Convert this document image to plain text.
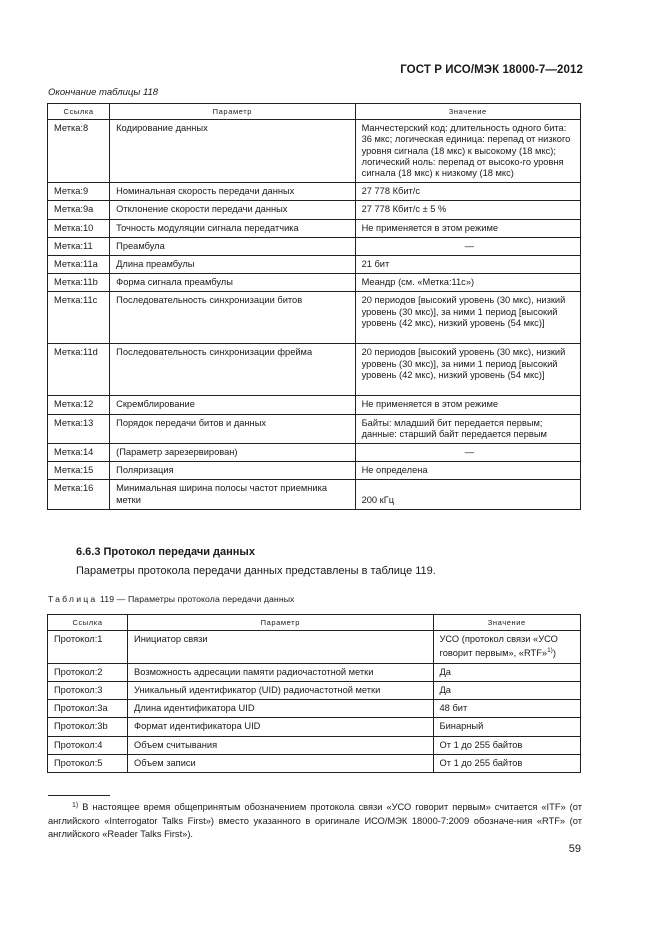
ГОСТ Р ИСО/МЭК 18000-7—2012
Окончание таблицы 118
Ссылка	Параметр	Значение
Метка:8	Кодирование данных	Манчестерский код: длительность одного бита: 36 мкс; логическая единица: перепад от низкого уровня сигнала (18 мкс) к высокому (18 мкс); логический ноль: перепад от высоко-го уровня сигнала (18 мкс) к низкому (18 мкс)
Метка:9	Номинальная скорость передачи данных	27 778 Кбит/с
Метка:9а	Отклонение скорости передачи данных	27 778 Кбит/с ± 5 %
Метка:10	Точность модуляции сигнала передатчика	Не применяется в этом режиме
Метка:11	Преамбула	—
Метка:11а	Длина преамбулы	21 бит
Метка:11b	Форма сигнала преамбулы	Меандр (см. «Метка:11с»)
Метка:11с	Последовательность синхронизации битов	20 периодов [высокий уровень (30 мкс), низкий уровень (30 мкс)], за ними 1 период [высокий уровень (42 мкс), низкий уровень (54 мкс)]
Метка:11d	Последовательность синхронизации фрейма	20 периодов [высокий уровень (30 мкс), низкий уровень (30 мкс)], за ними 1 период [высокий уровень (42 мкс), низкий уровень (54 мкс)]
Метка:12	Скремблирование	Не применяется в этом режиме
Метка:13	Порядок передачи битов и данных	Байты: младший бит передается первым; данные: старший байт передается первым
Метка:14	(Параметр зарезервирован)	—
Метка:15	Поляризация	Не определена
Метка:16	Минимальная ширина полосы частот приемника метки	200 кГц
6.6.3 Протокол передачи данных
Параметры протокола передачи данных представлены в таблице 119.
Таблица 119 — Параметры протокола передачи данных
Ссылка	Параметр	Значение
Протокол:1	Инициатор связи	УСО (протокол связи «УСО говорит первым», «RTF»$^{1)}$)
Протокол:2	Возможность адресации памяти радиочастотной метки	Да
Протокол:3	Уникальный идентификатор (UID) радиочастотной метки	Да
Протокол:3а	Длина идентификатора UID	48 бит
Протокол:3b	Формат идентификатора UID	Бинарный
Протокол:4	Объем считывания	От 1 до 255 байтов
Протокол:5	Объем записи	От 1 до 255 байтов
$^{1)}$ В настоящее время общепринятым обозначением протокола связи «УСО говорит первым» считается «ITF» (от английского «Interrogator Talks First») вместо указанного в оригинале ИСО/МЭК 18000-7:2009 обозначе-ния «RTF» (от английского «Reader Talks First»).
59
